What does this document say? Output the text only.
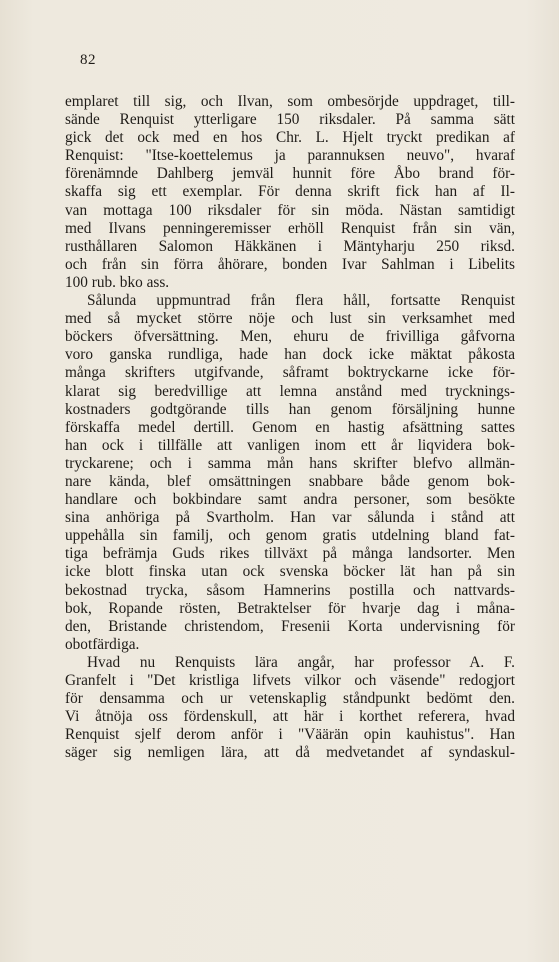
82
emplaret till sig, och Ilvan, som ombesörjde uppdraget, till-
sände Renquist ytterligare 150 riksdaler. På samma sätt
gick det ock med en hos Chr. L. Hjelt tryckt predikan af
Renquist: "Itse-koettelemus ja parannuksen neuvo", hvaraf
förenämnde Dahlberg jemväl hunnit före Åbo brand för-
skaffa sig ett exemplar. För denna skrift fick han af Il-
van mottaga 100 riksdaler för sin möda. Nästan samtidigt
med Ilvans penningeremisser erhöll Renquist från sin vän,
rusthållaren Salomon Häkkänen i Mäntyharju 250 riksd.
och från sin förra åhörare, bonden Ivar Sahlman i Libelits
100 rub. bko ass.
Sålunda uppmuntrad från flera håll, fortsatte Renquist
med så mycket större nöje och lust sin verksamhet med
böckers öfversättning. Men, ehuru de frivilliga gåfvorna
voro ganska rundliga, hade han dock icke mäktat påkosta
många skrifters utgifvande, såframt boktryckarne icke för-
klarat sig beredvillige att lemna anstånd med trycknings-
kostnaders godtgörande tills han genom försäljning hunne
förskaffa medel dertill. Genom en hastig afsättning sattes
han ock i tillfälle att vanligen inom ett år liqvidera bok-
tryckarene; och i samma mån hans skrifter blefvo allmän-
nare kända, blef omsättningen snabbare både genom bok-
handlare och bokbindare samt andra personer, som besökte
sina anhöriga på Svartholm. Han var sålunda i stånd att
uppehålla sin familj, och genom gratis utdelning bland fat-
tiga befrämja Guds rikes tillväxt på många landsorter. Men
icke blott finska utan ock svenska böcker lät han på sin
bekostnad trycka, såsom Hamnerins postilla och nattvards-
bok, Ropande rösten, Betraktelser för hvarje dag i måna-
den, Bristande christendom, Fresenii Korta undervisning för
obotfärdiga.
Hvad nu Renquists lära angår, har professor A. F.
Granfelt i "Det kristliga lifvets vilkor och väsende" redogjort
för densamma och ur vetenskaplig ståndpunkt bedömt den.
Vi åtnöja oss fördenskull, att här i korthet referera, hvad
Renquist sjelf derom anför i "Väärän opin kauhistus". Han
säger sig nemligen lära, att då medvetandet af syndaskul-
